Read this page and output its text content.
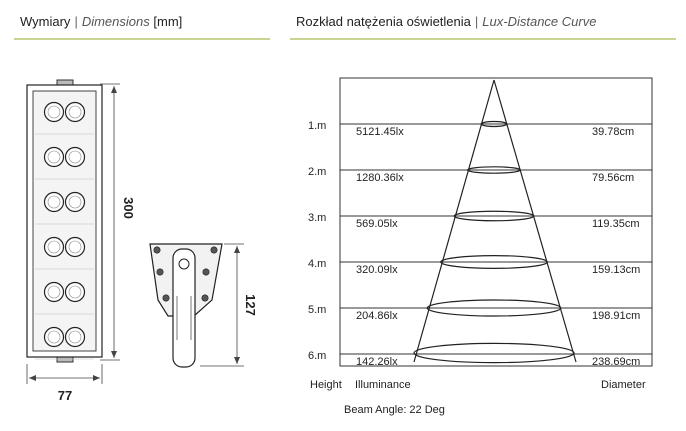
Wymiary | Dimensions [mm]	Rozkład natężenia oświetlenia | Lux-Distance Curve
300
77
127
1.m	5121.45lx	39.78cm
2.m	1280.36lx	79.56cm
3.m	569.05lx	119.35cm
4.m	320.09lx	159.13cm
5.m	204.86lx	198.91cm
6.m	142.26lx	238.69cm
Height Illuminance	Diameter
Beam Angle: 22 Deg
